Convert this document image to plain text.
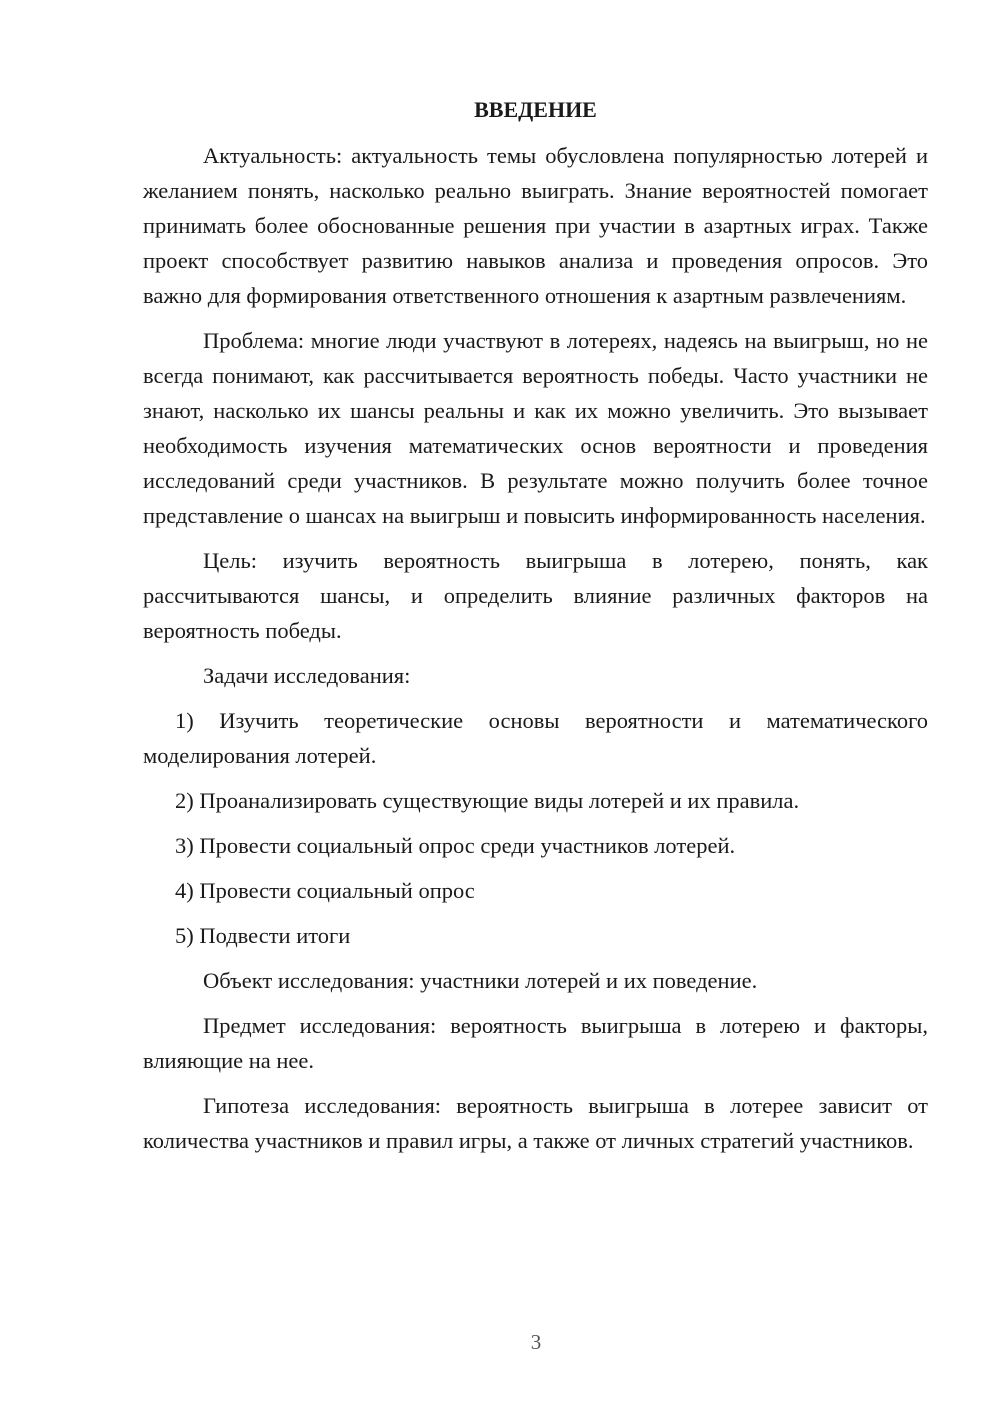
ВВЕДЕНИЕ

Актуальность: актуальность темы обусловлена популярностью лотерей и желанием понять, насколько реально выиграть. Знание вероятностей помогает принимать более обоснованные решения при участии в азартных играх. Также проект способствует развитию навыков анализа и проведения опросов. Это важно для формирования ответственного отношения к азартным развлечениям.

Проблема: многие люди участвуют в лотереях, надеясь на выигрыш, но не всегда понимают, как рассчитывается вероятность победы. Часто участники не знают, насколько их шансы реальны и как их можно увеличить. Это вызывает необходимость изучения математических основ вероятности и проведения исследований среди участников. В результате можно получить более точное представление о шансах на выигрыш и повысить информированность населения.

Цель: изучить вероятность выигрыша в лотерею, понять, как рассчитываются шансы, и определить влияние различных факторов на вероятность победы.

Задачи исследования:

1) Изучить теоретические основы вероятности и математического моделирования лотерей.

2) Проанализировать существующие виды лотерей и их правила.

3) Провести социальный опрос среди участников лотерей.

4) Провести социальный опрос

5) Подвести итоги

Объект исследования: участники лотерей и их поведение.

Предмет исследования: вероятность выигрыша в лотерею и факторы, влияющие на нее.

Гипотеза исследования: вероятность выигрыша в лотерее зависит от количества участников и правил игры, а также от личных стратегий участников.

3
